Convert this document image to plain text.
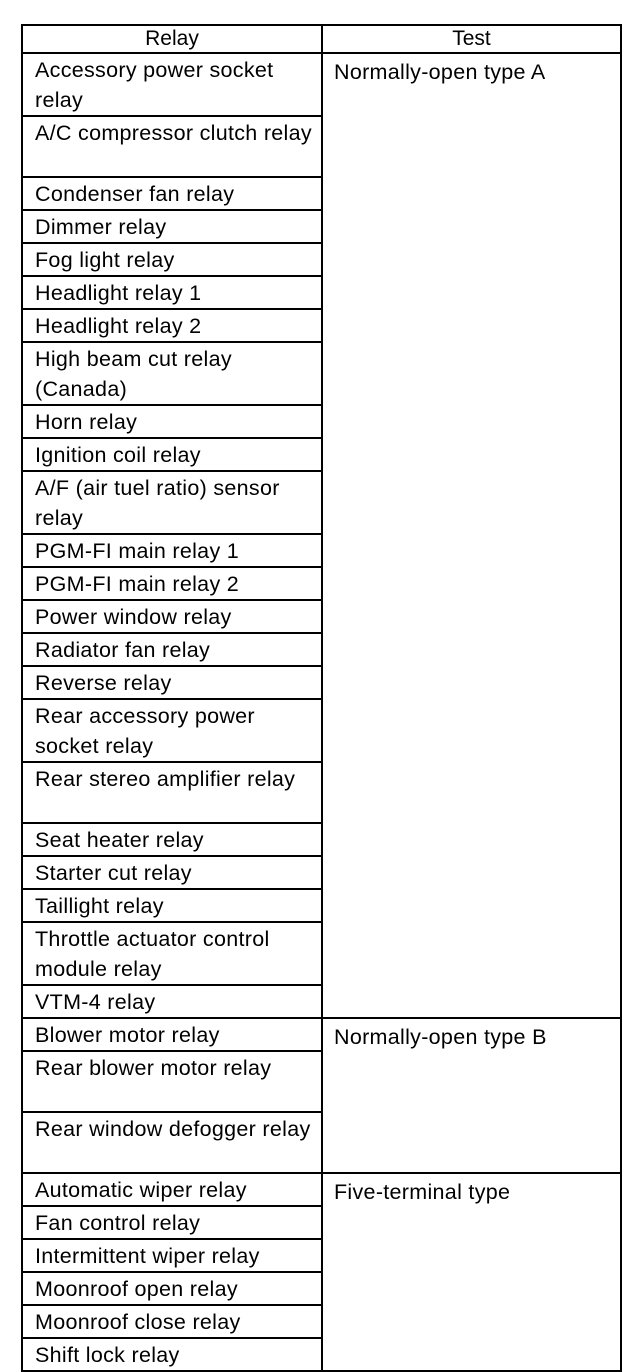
Relay	Test
Accessory power socket relay	Normally-open type A
A/C compressor clutch relay	
Condenser fan relay	
Dimmer relay	
Fog light relay	
Headlight relay 1	
Headlight relay 2	
High beam cut relay (Canada)	
Horn relay	
Ignition coil relay	
A/F (air tuel ratio) sensor relay	
PGM-FI main relay 1	
PGM-FI main relay 2	
Power window relay	
Radiator fan relay	
Reverse relay	
Rear accessory power socket relay	
Rear stereo amplifier relay	
Seat heater relay	
Starter cut relay	
Taillight relay	
Throttle actuator control module relay	
VTM-4 relay	
Blower motor relay	Normally-open type B
Rear blower motor relay	
Rear window defogger relay	
Automatic wiper relay	Five-terminal type
Fan control relay	
Intermittent wiper relay	
Moonroof open relay	
Moonroof close relay	
Shift lock relay	
